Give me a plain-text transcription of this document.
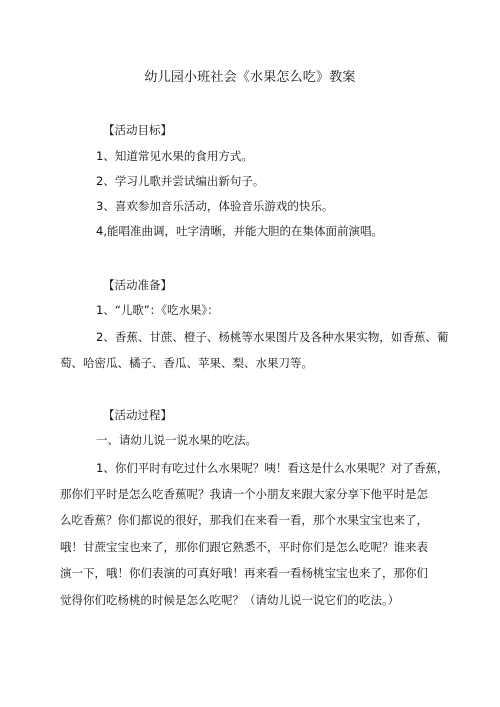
幼儿园小班社会《水果怎么吃》教案
【活动目标】
1、知道常见水果的食用方式。
2、学习儿歌并尝试编出新句子。
3、喜欢参加音乐活动，体验音乐游戏的快乐。
4,能唱准曲调，吐字清晰，并能大胆的在集体面前演唱。
【活动准备】
1、“儿歌”：《吃水果》：
2、香蕉、甘蔗、橙子、杨桃等水果图片及各种水果实物，如香蕉、葡
萄、哈密瓜、橘子、香瓜、苹果、梨、水果刀等。
【活动过程】
一、请幼儿说一说水果的吃法。
1、你们平时有吃过什么水果呢？咦！看这是什么水果呢？对了香蕉，
那你们平时是怎么吃香蕉呢？我请一个小朋友来跟大家分享下他平时是怎
么吃香蕉？你们都说的很好，那我们在来看一看，那个水果宝宝也来了，
哦！甘蔗宝宝也来了，那你们跟它熟悉不，平时你们是怎么吃呢？谁来表
演一下，哦！你们表演的可真好哦！再来看一看杨桃宝宝也来了，那你们
觉得你们吃杨桃的时候是怎么吃呢？（请幼儿说一说它们的吃法。）
